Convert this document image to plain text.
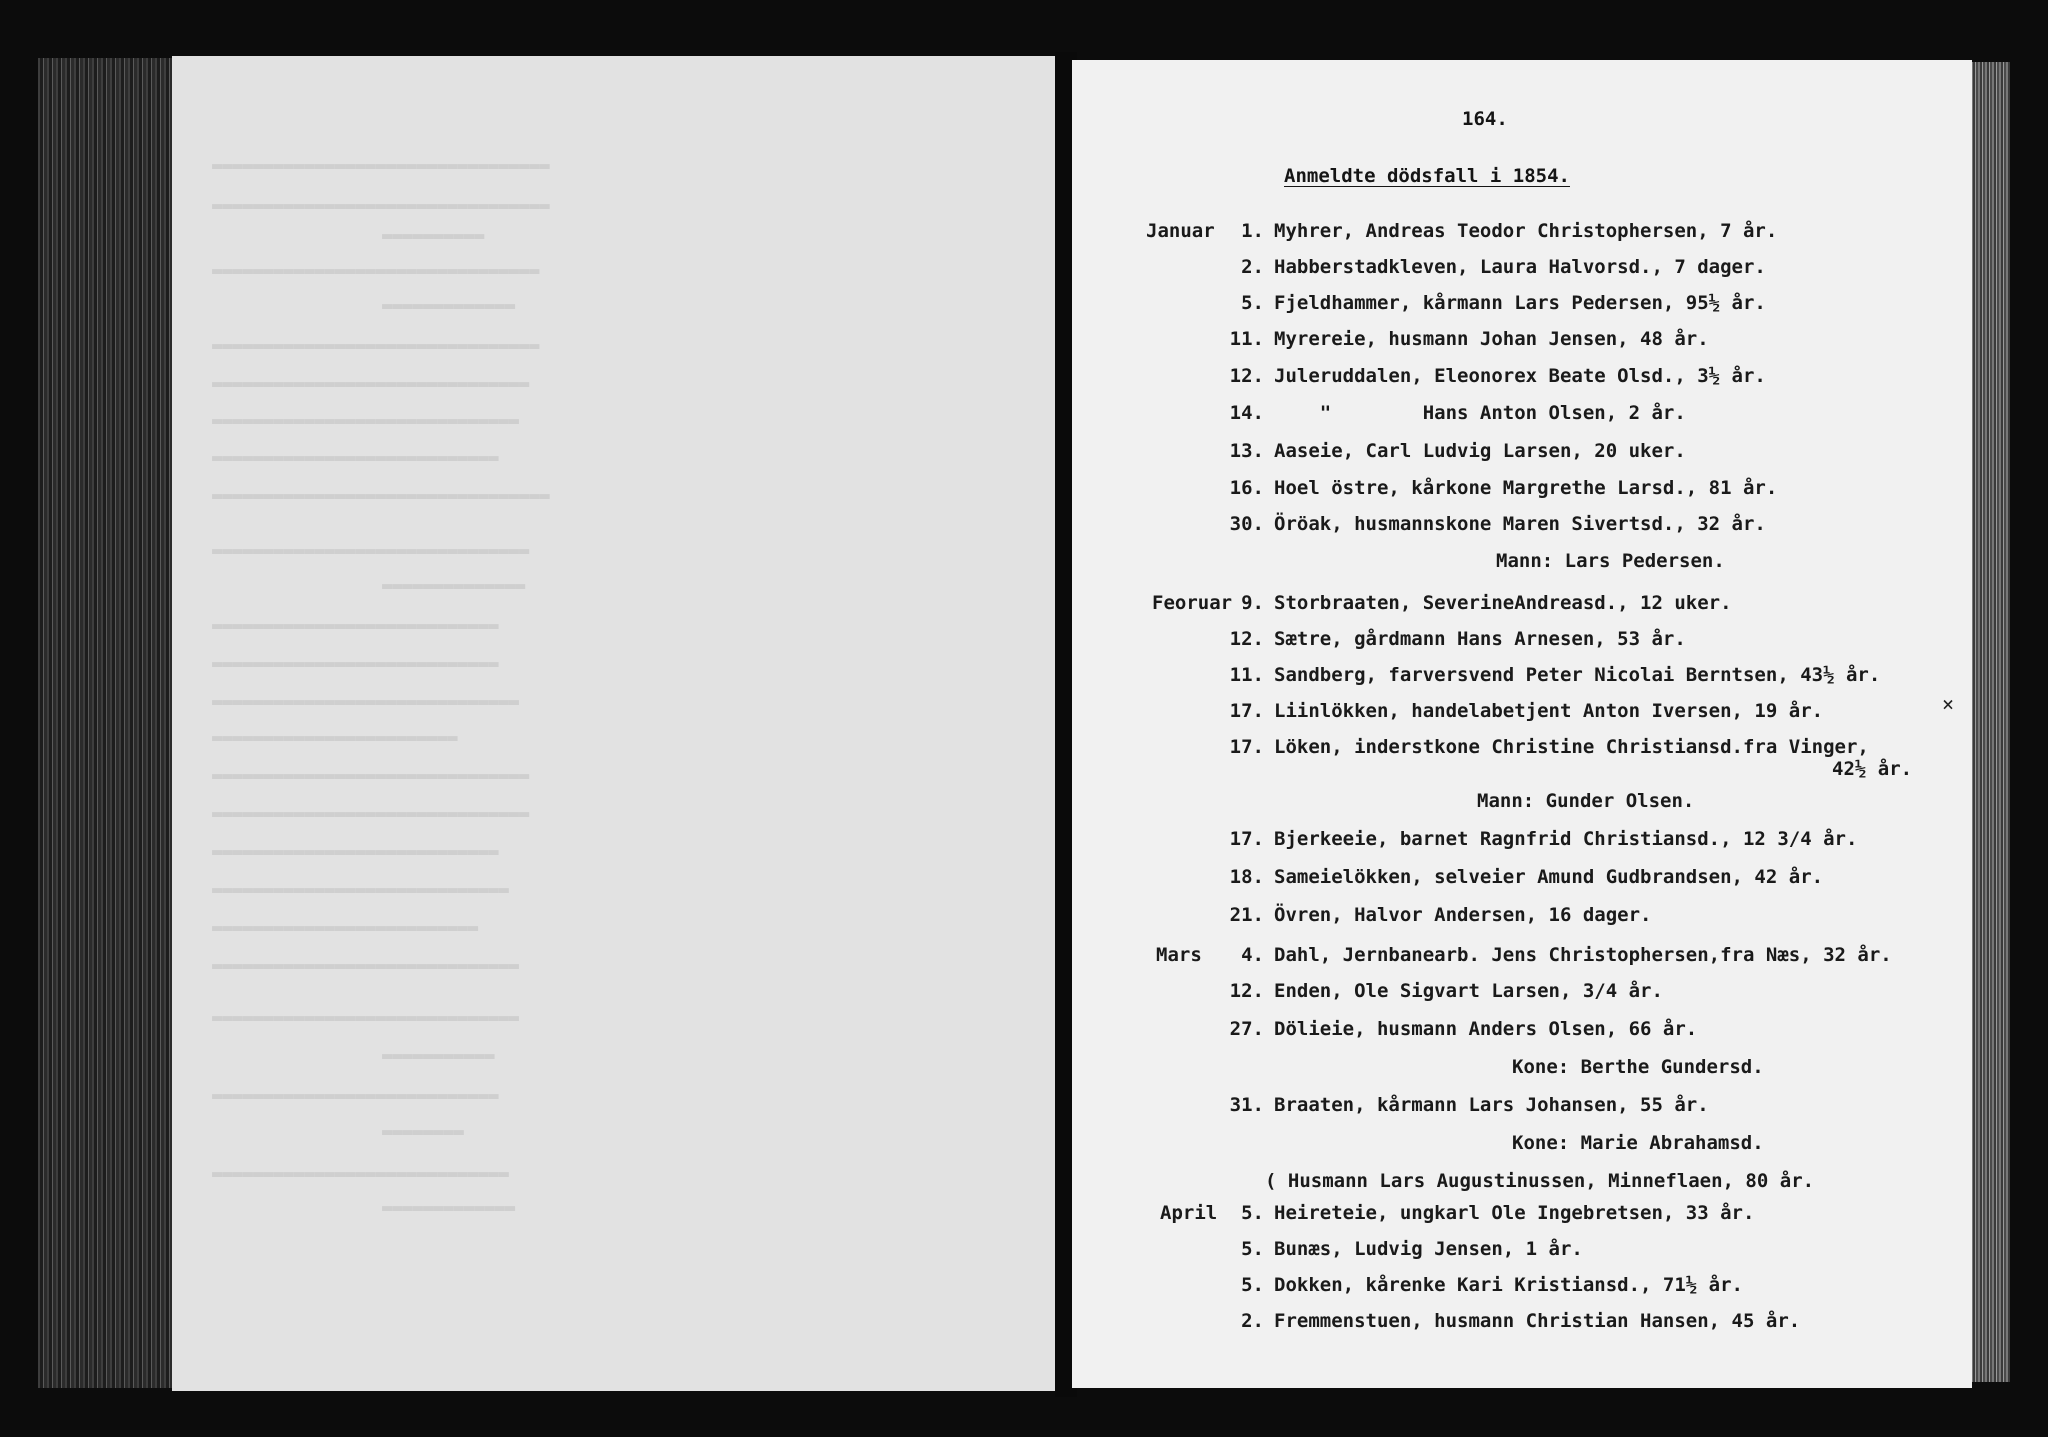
▬▬▬▬▬▬▬▬▬▬▬▬▬▬▬▬▬▬▬▬▬▬▬▬▬▬▬▬▬▬▬▬▬
▬▬▬▬▬▬▬▬▬▬▬▬▬▬▬▬▬▬▬▬▬▬▬▬▬▬▬▬▬▬▬▬▬
▬▬▬▬▬▬▬▬▬▬
▬▬▬▬▬▬▬▬▬▬▬▬▬▬▬▬▬▬▬▬▬▬▬▬▬▬▬▬▬▬▬▬
▬▬▬▬▬▬▬▬▬▬▬▬▬
▬▬▬▬▬▬▬▬▬▬▬▬▬▬▬▬▬▬▬▬▬▬▬▬▬▬▬▬▬▬▬▬
▬▬▬▬▬▬▬▬▬▬▬▬▬▬▬▬▬▬▬▬▬▬▬▬▬▬▬▬▬▬▬
▬▬▬▬▬▬▬▬▬▬▬▬▬▬▬▬▬▬▬▬▬▬▬▬▬▬▬▬▬▬
▬▬▬▬▬▬▬▬▬▬▬▬▬▬▬▬▬▬▬▬▬▬▬▬▬▬▬▬
▬▬▬▬▬▬▬▬▬▬▬▬▬▬▬▬▬▬▬▬▬▬▬▬▬▬▬▬▬▬▬▬▬
▬▬▬▬▬▬▬▬▬▬▬▬▬▬▬▬▬▬▬▬▬▬▬▬▬▬▬▬▬▬▬
▬▬▬▬▬▬▬▬▬▬▬▬▬▬
▬▬▬▬▬▬▬▬▬▬▬▬▬▬▬▬▬▬▬▬▬▬▬▬▬▬▬▬
▬▬▬▬▬▬▬▬▬▬▬▬▬▬▬▬▬▬▬▬▬▬▬▬▬▬▬▬
▬▬▬▬▬▬▬▬▬▬▬▬▬▬▬▬▬▬▬▬▬▬▬▬▬▬▬▬▬▬
▬▬▬▬▬▬▬▬▬▬▬▬▬▬▬▬▬▬▬▬▬▬▬▬
▬▬▬▬▬▬▬▬▬▬▬▬▬▬▬▬▬▬▬▬▬▬▬▬▬▬▬▬▬▬▬
▬▬▬▬▬▬▬▬▬▬▬▬▬▬▬▬▬▬▬▬▬▬▬▬▬▬▬▬▬▬▬
▬▬▬▬▬▬▬▬▬▬▬▬▬▬▬▬▬▬▬▬▬▬▬▬▬▬▬▬
▬▬▬▬▬▬▬▬▬▬▬▬▬▬▬▬▬▬▬▬▬▬▬▬▬▬▬▬▬
▬▬▬▬▬▬▬▬▬▬▬▬▬▬▬▬▬▬▬▬▬▬▬▬▬▬
▬▬▬▬▬▬▬▬▬▬▬▬▬▬▬▬▬▬▬▬▬▬▬▬▬▬▬▬▬▬
▬▬▬▬▬▬▬▬▬▬▬▬▬▬▬▬▬▬▬▬▬▬▬▬▬▬▬▬▬▬
▬▬▬▬▬▬▬▬▬▬▬
▬▬▬▬▬▬▬▬▬▬▬▬▬▬▬▬▬▬▬▬▬▬▬▬▬▬▬▬
▬▬▬▬▬▬▬▬
▬▬▬▬▬▬▬▬▬▬▬▬▬▬▬▬▬▬▬▬▬▬▬▬▬▬▬▬▬
▬▬▬▬▬▬▬▬▬▬▬▬▬
164.
Anmeldte dödsfall i 1854.
Januar
Feoruar
Mars
April
1. Myhrer, Andreas Teodor Christophersen, 7 år.
2. Habberstadkleven, Laura Halvorsd., 7 dager.
5. Fjeldhammer, kårmann Lars Pedersen, 95½ år.
11. Myrereie, husmann Johan Jensen, 48 år.
12. Juleruddalen, Eleonorex Beate Olsd., 3½ år.
14.    "        Hans Anton Olsen, 2 år.
13. Aaseie, Carl Ludvig Larsen, 20 uker.
16. Hoel östre, kårkone Margrethe Larsd., 81 år.
30. Öröak, husmannskone Maren Sivertsd., 32 år.
Mann: Lars Pedersen.
9. Storbraaten, SeverineAndreasd., 12 uker.
12. Sætre, gårdmann Hans Arnesen, 53 år.
11. Sandberg, farversvend Peter Nicolai Berntsen, 43½ år.
17. Liinlökken, handelabetjent Anton Iversen, 19 år.
17. Löken, inderstkone Christine Christiansd.fra Vinger,
42½ år.
Mann: Gunder Olsen.
17. Bjerkeeie, barnet Ragnfrid Christiansd., 12 3/4 år.
18. Sameielökken, selveier Amund Gudbrandsen, 42 år.
21. Övren, Halvor Andersen, 16 dager.
4. Dahl, Jernbanearb. Jens Christophersen,fra Næs, 32 år.
12. Enden, Ole Sigvart Larsen, 3/4 år.
27. Dölieie, husmann Anders Olsen, 66 år.
Kone: Berthe Gundersd.
31. Braaten, kårmann Lars Johansen, 55 år.
Kone: Marie Abrahamsd.
( Husmann Lars Augustinussen, Minneflaen, 80 år.
5. Heireteie, ungkarl Ole Ingebretsen, 33 år.
5. Bunæs, Ludvig Jensen, 1 år.
5. Dokken, kårenke Kari Kristiansd., 71½ år.
2. Fremmenstuen, husmann Christian Hansen, 45 år.
×
